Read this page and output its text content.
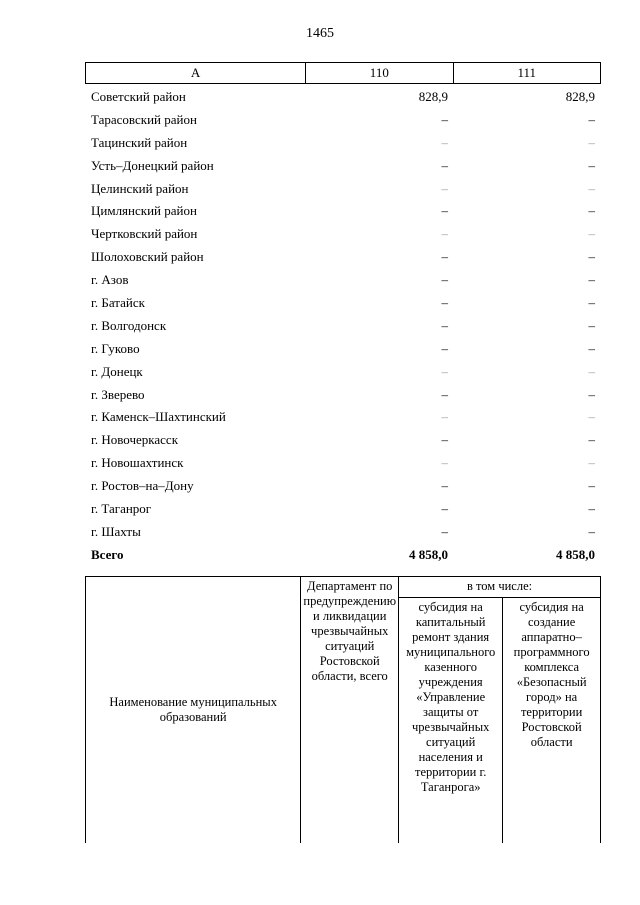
1465
А	110	111
Советский район	828,9	828,9
Тарасовский район	–	–
Тацинский район	–	–
Усть–Донецкий район	–	–
Целинский район	–	–
Цимлянский район	–	–
Чертковский район	–	–
Шолоховский район	–	–
г. Азов	–	–
г. Батайск	–	–
г. Волгодонск	–	–
г. Гуково	–	–
г. Донецк	–	–
г. Зверево	–	–
г. Каменск–Шахтинский	–	–
г. Новочеркасск	–	–
г. Новошахтинск	–	–
г. Ростов–на–Дону	–	–
г. Таганрог	–	–
г. Шахты	–	–
Всего	4 858,0	4 858,0
Наименование муниципальных образований	Департамент по предупреждению и ликвидации чрезвычайных ситуаций Ростовской области, всего	в том числе:	
		субсидия на капитальный ремонт здания муниципального казенного учреждения «Управление защиты от чрезвычайных ситуаций населения и территории г. Таганрога»	субсидия на создание аппаратно–программного комплекса «Безопасный город» на территории Ростовской области
